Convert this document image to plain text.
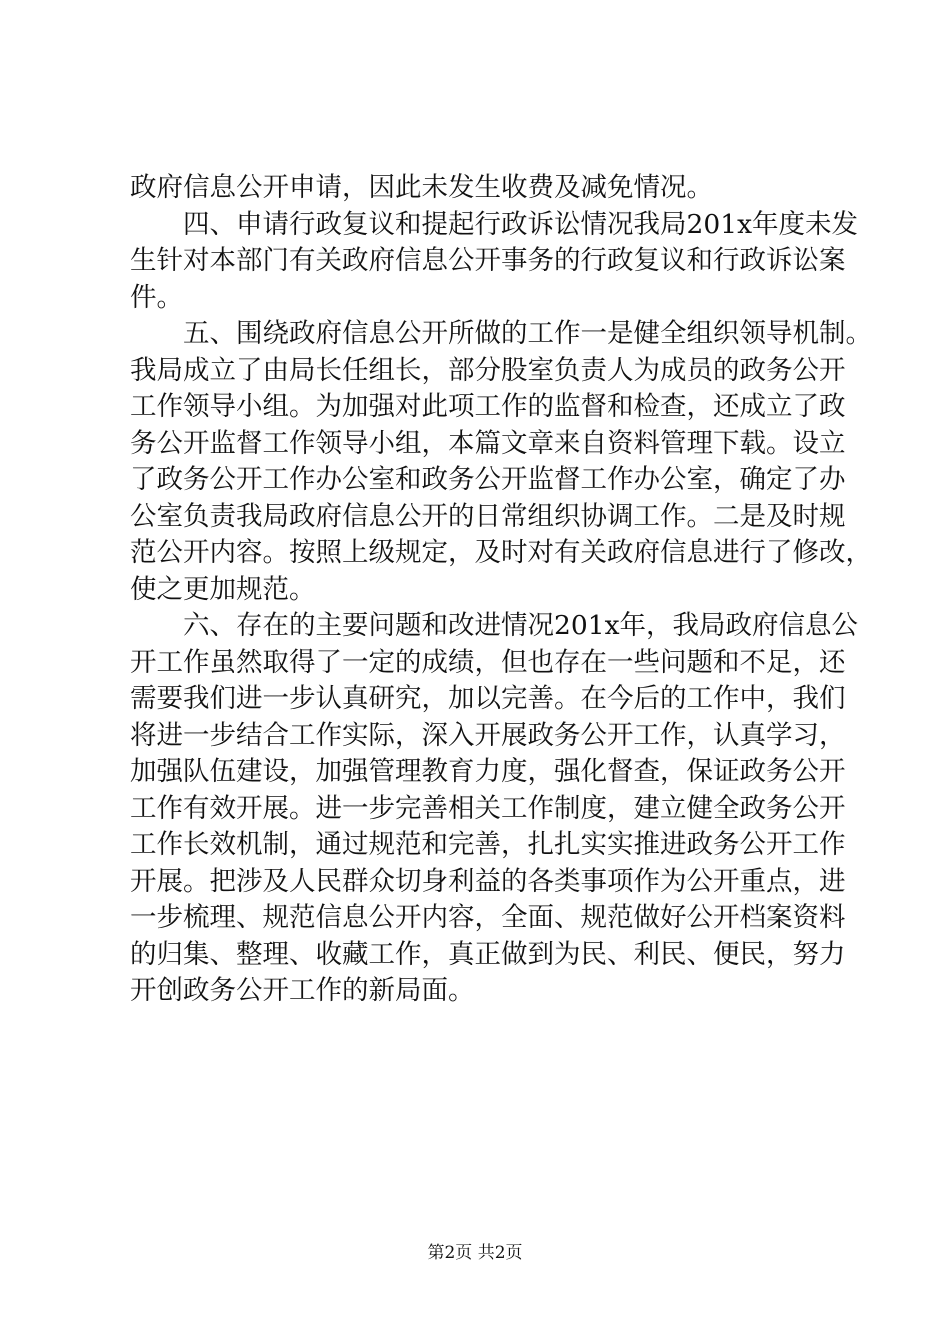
政府信息公开申请，因此未发生收费及减免情况。
四、申请行政复议和提起行政诉讼情况我局201x年度未发
生针对本部门有关政府信息公开事务的行政复议和行政诉讼案
件。
五、围绕政府信息公开所做的工作一是健全组织领导机制。
我局成立了由局长任组长，部分股室负责人为成员的政务公开
工作领导小组。为加强对此项工作的监督和检查，还成立了政
务公开监督工作领导小组，本篇文章来自资料管理下载。设立
了政务公开工作办公室和政务公开监督工作办公室，确定了办
公室负责我局政府信息公开的日常组织协调工作。二是及时规
范公开内容。按照上级规定，及时对有关政府信息进行了修改，
使之更加规范。
六、存在的主要问题和改进情况201x年，我局政府信息公
开工作虽然取得了一定的成绩，但也存在一些问题和不足，还
需要我们进一步认真研究，加以完善。在今后的工作中，我们
将进一步结合工作实际，深入开展政务公开工作，认真学习，
加强队伍建设，加强管理教育力度，强化督查，保证政务公开
工作有效开展。进一步完善相关工作制度，建立健全政务公开
工作长效机制，通过规范和完善，扎扎实实推进政务公开工作
开展。把涉及人民群众切身利益的各类事项作为公开重点，进
一步梳理、规范信息公开内容，全面、规范做好公开档案资料
的归集、整理、收藏工作，真正做到为民、利民、便民，努力
开创政务公开工作的新局面。
第2页 共2页
